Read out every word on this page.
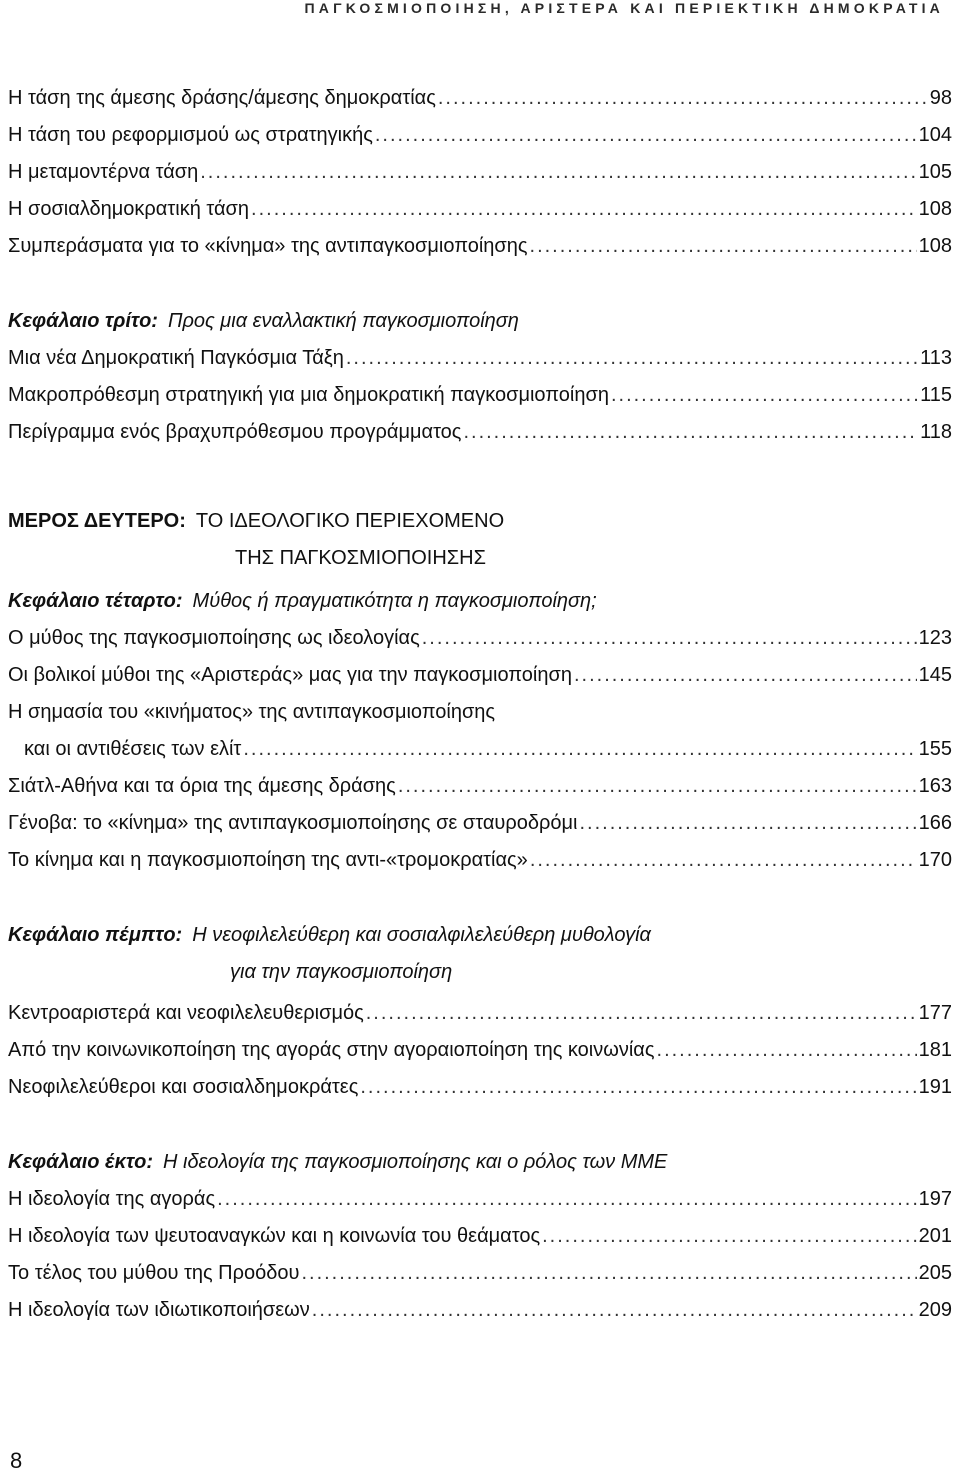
ΠΑΓΚΟΣΜΙΟΠΟΙΗΣΗ, ΑΡΙΣΤΕΡΑ ΚΑΙ ΠΕΡΙΕΚΤΙΚΗ ΔΗΜΟΚΡΑΤΙΑ
Η τάση της άμεσης δράσης/άμεσης δημοκρατίας .....	98
Η τάση του ρεφορμισμού ως στρατηγικής .....	104
Η μεταμοντέρνα τάση .....	105
Η σοσιαλδημοκρατική τάση .....	108
Συμπεράσματα για το «κίνημα» της αντιπαγκοσμιοποίησης .....	108
Κεφάλαιο τρίτο: Προς μια εναλλακτική παγκοσμιοποίηση
Μια νέα Δημοκρατική Παγκόσμια Τάξη .....	113
Μακροπρόθεσμη στρατηγική για μια δημοκρατική παγκοσμιοποίηση .....	115
Περίγραμμα ενός βραχυπρόθεσμου προγράμματος .....	118
ΜΕΡΟΣ ΔΕΥΤΕΡΟ: ΤΟ ΙΔΕΟΛΟΓΙΚΟ ΠΕΡΙΕΧΟΜΕΝΟ
ΤΗΣ ΠΑΓΚΟΣΜΙΟΠΟΙΗΣΗΣ
Κεφάλαιο τέταρτο: Μύθος ή πραγματικότητα η παγκοσμιοποίηση;
Ο μύθος της παγκοσμιοποίησης ως ιδεολογίας .....	123
Οι βολικοί μύθοι της «Αριστεράς» μας για την παγκοσμιοποίηση .....	145
Η σημασία του «κινήματος» της αντιπαγκοσμιοποίησης
και οι αντιθέσεις των ελίτ .....	155
Σιάτλ-Αθήνα και τα όρια της άμεσης δράσης .....	163
Γένοβα: το «κίνημα» της αντιπαγκοσμιοποίησης σε σταυροδρόμι .....	166
Το κίνημα και η παγκοσμιοποίηση της αντι-«τρομοκρατίας» .....	170
Κεφάλαιο πέμπτο: Η νεοφιλελεύθερη και σοσιαλφιλελεύθερη μυθολογία
για την παγκοσμιοποίηση
Κεντροαριστερά και νεοφιλελευθερισμός .....	177
Από την κοινωνικοποίηση της αγοράς στην αγοραιοποίηση της κοινωνίας .....	181
Νεοφιλελεύθεροι και σοσιαλδημοκράτες .....	191
Κεφάλαιο έκτο: Η ιδεολογία της παγκοσμιοποίησης και ο ρόλος των ΜΜΕ
Η ιδεολογία της αγοράς .....	197
Η ιδεολογία των ψευτοαναγκών και η κοινωνία του θεάματος .....	201
Το τέλος του μύθου της Προόδου .....	205
Η ιδεολογία των ιδιωτικοποιήσεων .....	209
8
